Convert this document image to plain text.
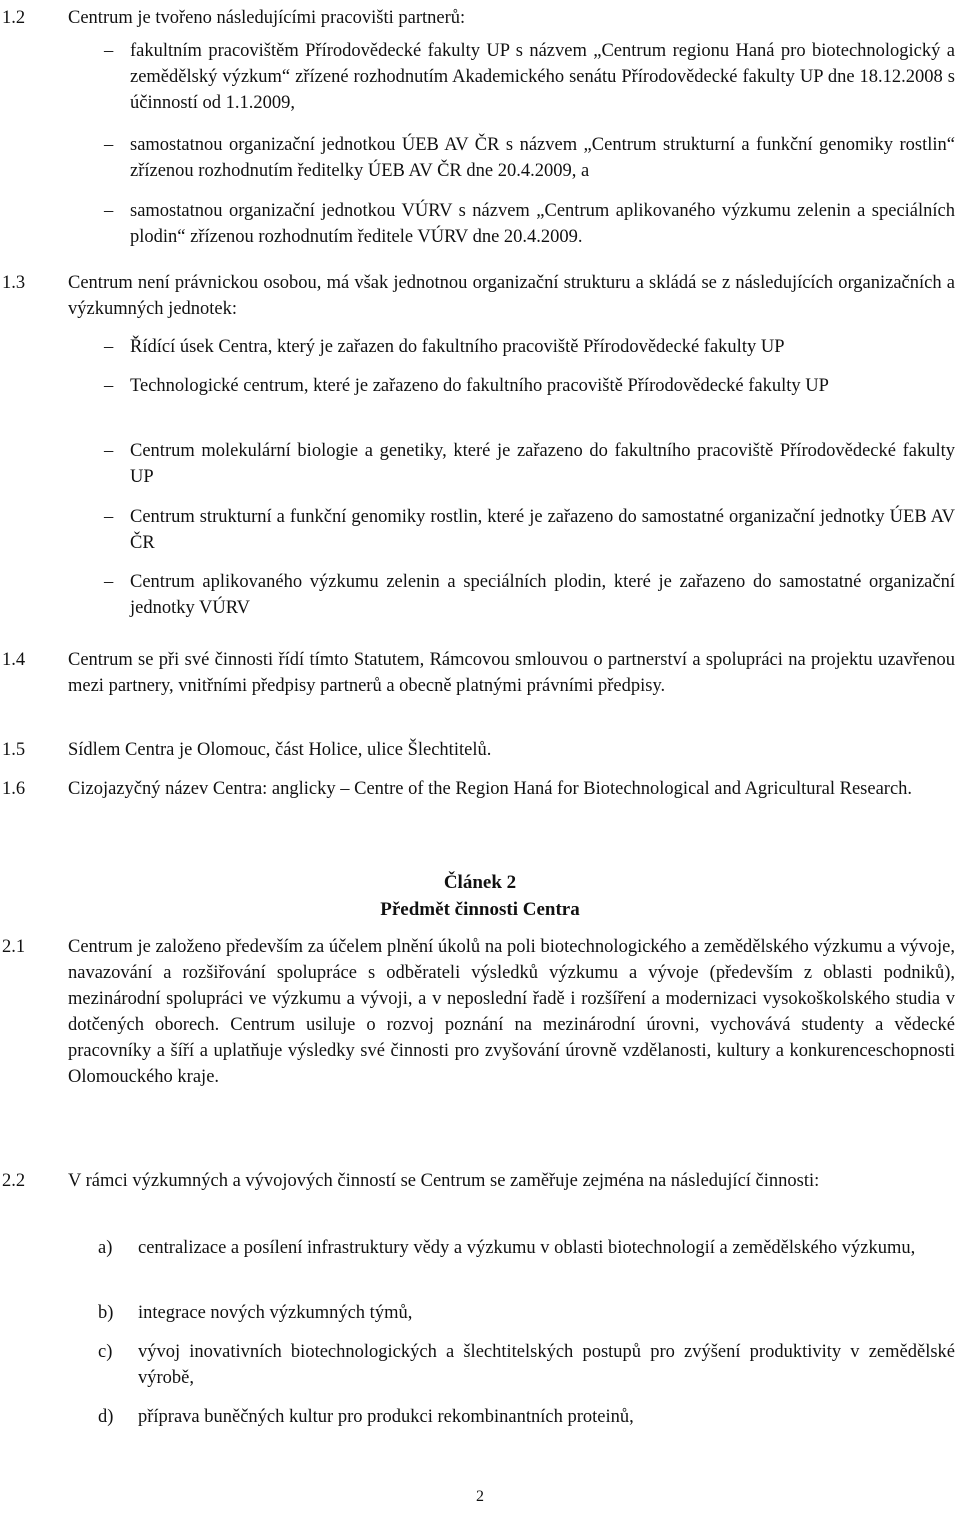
1.2 Centrum je tvořeno následujícími pracovišti partnerů:
– fakultním pracovištěm Přírodovědecké fakulty UP s názvem „Centrum regionu Haná pro biotechnologický a zemědělský výzkum“ zřízené rozhodnutím Akademického senátu Přírodovědecké fakulty UP dne 18.12.2008 s účinností od 1.1.2009,
– samostatnou organizační jednotkou ÚEB AV ČR s názvem „Centrum strukturní a funkční genomiky rostlin“ zřízenou rozhodnutím ředitelky ÚEB AV ČR dne 20.4.2009, a
– samostatnou organizační jednotkou VÚRV s názvem „Centrum aplikovaného výzkumu zelenin a speciálních plodin“ zřízenou rozhodnutím ředitele VÚRV dne 20.4.2009.
1.3 Centrum není právnickou osobou, má však jednotnou organizační strukturu a skládá se z následujících organizačních a výzkumných jednotek:
– Řídící úsek Centra, který je zařazen do fakultního pracoviště Přírodovědecké fakulty UP
– Technologické centrum, které je zařazeno do fakultního pracoviště Přírodovědecké fakulty UP
– Centrum molekulární biologie a genetiky, které je zařazeno do fakultního pracoviště Přírodovědecké fakulty UP
– Centrum strukturní a funkční genomiky rostlin, které je zařazeno do samostatné organizační jednotky ÚEB AV ČR
– Centrum aplikovaného výzkumu zelenin a speciálních plodin, které je zařazeno do samostatné organizační jednotky VÚRV
1.4 Centrum se při své činnosti řídí tímto Statutem, Rámcovou smlouvou o partnerství a spolupráci na projektu uzavřenou mezi partnery, vnitřními předpisy partnerů a obecně platnými právními předpisy.
1.5 Sídlem Centra je Olomouc, část Holice, ulice Šlechtitelů.
1.6 Cizojazyčný název Centra: anglicky – Centre of the Region Haná for Biotechnological and Agricultural Research.
Článek 2
Předmět činnosti Centra
2.1 Centrum je založeno především za účelem plnění úkolů na poli biotechnologického a zemědělského výzkumu a vývoje, navazování a rozšiřování spolupráce s odběrateli výsledků výzkumu a vývoje (především z oblasti podniků), mezinárodní spolupráci ve výzkumu a vývoji, a v neposlední řadě i rozšíření a modernizaci vysokoškolského studia v dotčených oborech. Centrum usiluje o rozvoj poznání na mezinárodní úrovni, vychovává studenty a vědecké pracovníky a šíří a uplatňuje výsledky své činnosti pro zvyšování úrovně vzdělanosti, kultury a konkurenceschopnosti Olomouckého kraje.
2.2 V rámci výzkumných a vývojových činností se Centrum se zaměřuje zejména na následující činnosti:
a) centralizace a posílení infrastruktury vědy a výzkumu v oblasti biotechnologií a zemědělského výzkumu,
b) integrace nových výzkumných týmů,
c) vývoj inovativních biotechnologických a šlechtitelských postupů pro zvýšení produktivity v zemědělské výrobě,
d) příprava buněčných kultur pro produkci rekombinantních proteinů,
2
